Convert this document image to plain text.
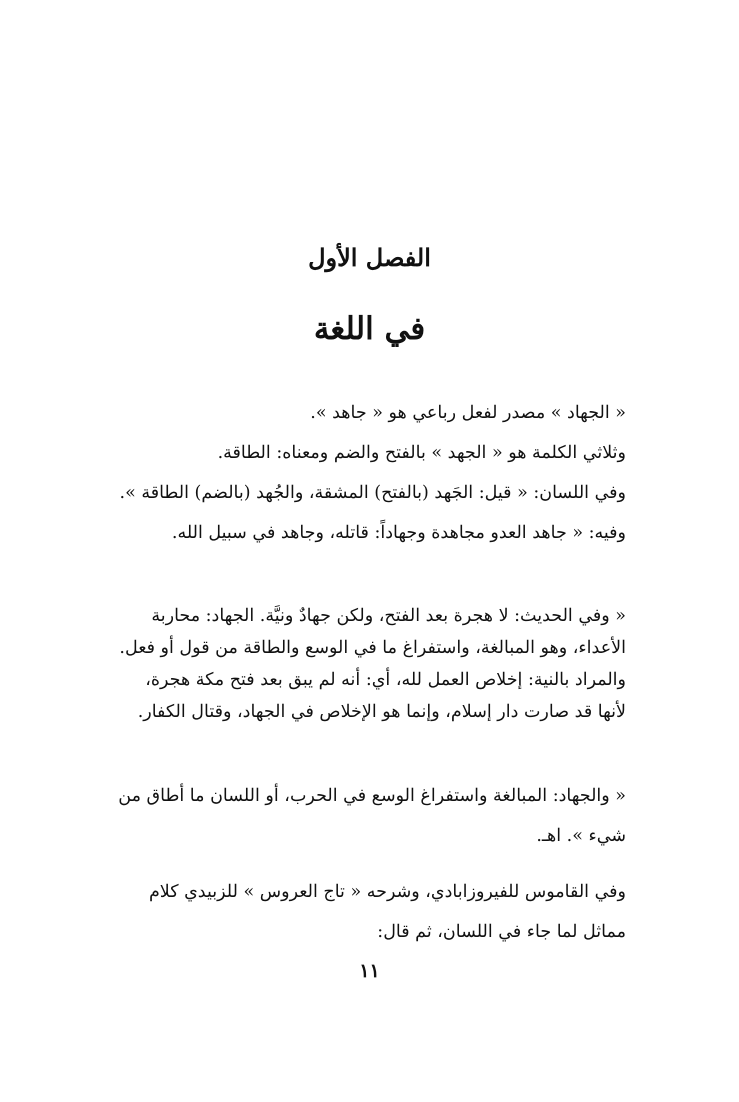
الفصل الأول
في اللغة
« الجهاد » مصدر لفعل رباعي هو « جاهد ».
وثلاثي الكلمة هو « الجهد » بالفتح والضم ومعناه: الطاقة.
وفي اللسان: « قيل: الجَهد (بالفتح) المشقة، والجُهد (بالضم) الطاقة ».
وفيه: « جاهد العدو مجاهدة وجهاداً: قاتله، وجاهد في سبيل الله.
« وفي الحديث: لا هجرة بعد الفتح، ولكن جهادٌ ونيَّة. الجهاد: محاربة
الأعداء، وهو المبالغة، واستفراغ ما في الوسع والطاقة من قول أو فعل.
والمراد بالنية: إخلاص العمل لله، أي: أنه لم يبق بعد فتح مكة هجرة،
لأنها قد صارت دار إسلام، وإنما هو الإخلاص في الجهاد، وقتال الكفار.
« والجهاد: المبالغة واستفراغ الوسع في الحرب، أو اللسان ما أطاق من
شيء ». اهـ.
وفي القاموس للفيروزابادي، وشرحه « تاج العروس » للزبيدي كلام
مماثل لما جاء في اللسان، ثم قال:
١١
